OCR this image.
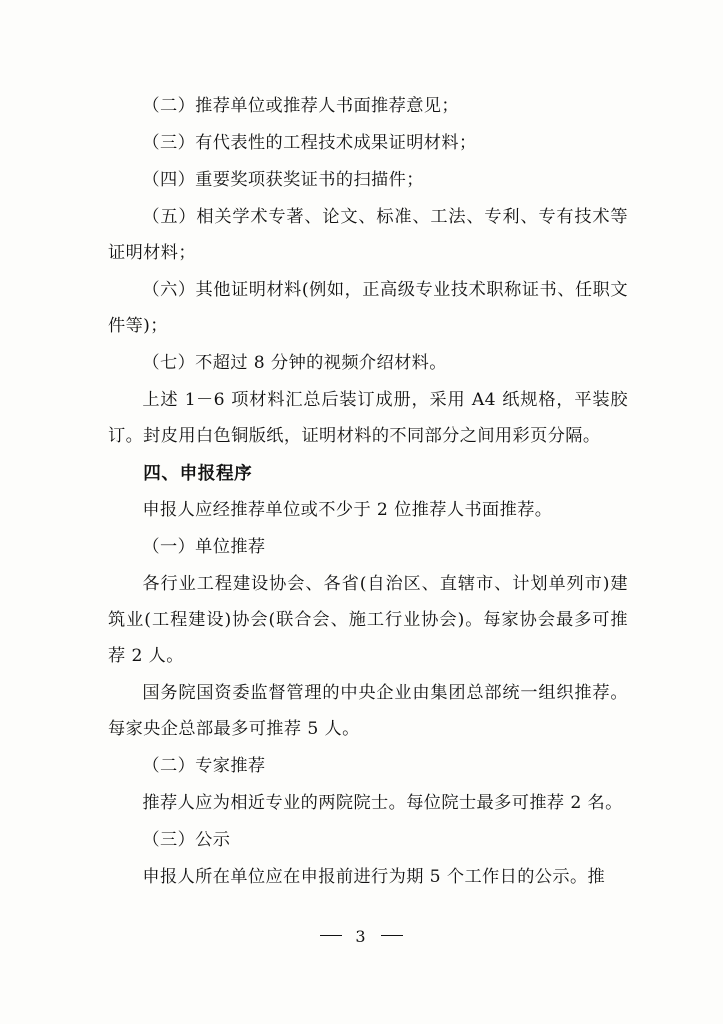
（二）推荐单位或推荐人书面推荐意见；

（三）有代表性的工程技术成果证明材料；

（四）重要奖项获奖证书的扫描件；

（五）相关学术专著、论文、标准、工法、专利、专有技术等证明材料；

（六）其他证明材料(例如，正高级专业技术职称证书、任职文件等)；

（七）不超过 8 分钟的视频介绍材料。

上述 1－6 项材料汇总后装订成册，采用 A4 纸规格，平装胶订。封皮用白色铜版纸，证明材料的不同部分之间用彩页分隔。

四、申报程序

申报人应经推荐单位或不少于 2 位推荐人书面推荐。

（一）单位推荐

各行业工程建设协会、各省(自治区、直辖市、计划单列市)建筑业(工程建设)协会(联合会、施工行业协会)。每家协会最多可推荐 2 人。

国务院国资委监督管理的中央企业由集团总部统一组织推荐。每家央企总部最多可推荐 5 人。

（二）专家推荐

推荐人应为相近专业的两院院士。每位院士最多可推荐 2 名。

（三）公示

申报人所在单位应在申报前进行为期 5 个工作日的公示。推

3
